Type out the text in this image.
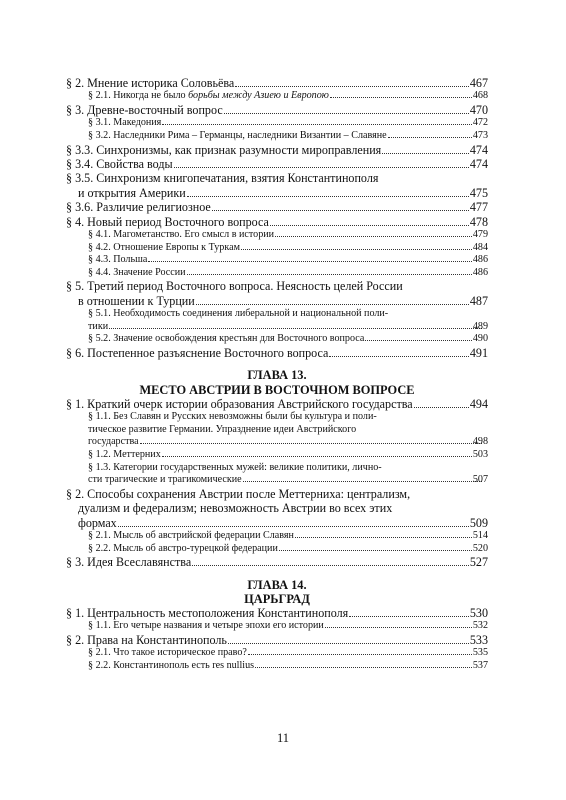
§ 2. Мнение историка Соловьёва	467
§ 2.1. Никогда не было борьбы между Азиею и Европою	468
§ 3. Древне-восточный вопрос	470
§ 3.1. Македония	472
§ 3.2. Наследники Рима – Германцы, наследники Византии – Славяне	473
§ 3.3. Синхронизмы, как признак разумности мироправления	474
§ 3.4. Свойства воды	474
§ 3.5. Синхронизм книгопечатания, взятия Константинополя
и открытия Америки	475
§ 3.6. Различие религиозное	477
§ 4. Новый период Восточного вопроса	478
§ 4.1. Магометанство. Его смысл в истории	479
§ 4.2. Отношение Европы к Туркам	484
§ 4.3. Польша	486
§ 4.4. Значение России	486
§ 5. Третий период Восточного вопроса. Неясность целей России
в отношении к Турции	487
§ 5.1. Необходимость соединения либеральной и национальной поли-
тики	489
§ 5.2. Значение освобождения крестьян для Восточного вопроса	490
§ 6. Постепенное разъяснение Восточного вопроса	491
ГЛАВА 13.
МЕСТО АВСТРИИ В ВОСТОЧНОМ ВОПРОСЕ
§ 1. Краткий очерк истории образования Австрийского государства	494
§ 1.1. Без Славян и Русских невозможны были бы культура и поли-
тическое развитие Германии. Упразднение идеи Австрийского
государства	498
§ 1.2. Меттерних	503
§ 1.3. Категории государственных мужей: великие политики, лично-
сти трагические и трагикомические	507
§ 2. Способы сохранения Австрии после Меттерниха: централизм,
дуализм и федерализм; невозможность Австрии во всех этих
формах	509
§ 2.1. Мысль об австрийской федерации Славян	514
§ 2.2. Мысль об австро-турецкой федерации	520
§ 3. Идея Всеславянства	527
ГЛАВА 14.
ЦАРЬГРАД
§ 1. Центральность местоположения Константинополя	530
§ 1.1. Его четыре названия и четыре эпохи его истории	532
§ 2. Права на Константинополь	533
§ 2.1. Что такое историческое право?	535
§ 2.2. Константинополь есть res nullius	537
11
